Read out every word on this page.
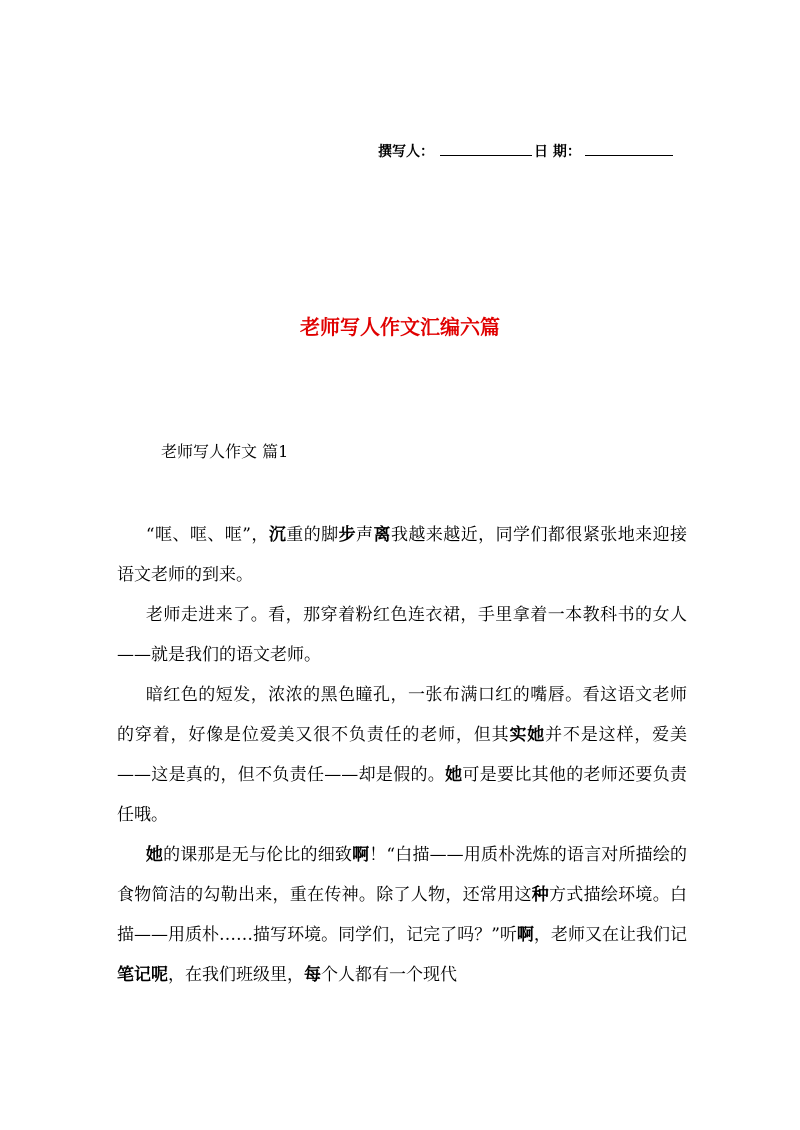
撰写人：	日 期：
老师写人作文汇编六篇
老师写人作文 篇1

“哐、哐、哐”，沉重的脚步声离我越来越近，同学们都很紧张地来迎接语文老师的到来。

老师走进来了。看，那穿着粉红色连衣裙，手里拿着一本教科书的女人——就是我们的语文老师。

暗红色的短发，浓浓的黑色瞳孔，一张布满口红的嘴唇。看这语文老师的穿着，好像是位爱美又很不负责任的老师，但其实她并不是这样，爱美——这是真的，但不负责任——却是假的。她可是要比其他的老师还要负责任哦。

她的课那是无与伦比的细致啊！“白描——用质朴洗炼的语言对所描绘的食物简洁的勾勒出来，重在传神。除了人物，还常用这种方式描绘环境。白描——用质朴……描写环境。同学们，记完了吗？”听啊，老师又在让我们记笔记呢，在我们班级里，每个人都有一个现代
